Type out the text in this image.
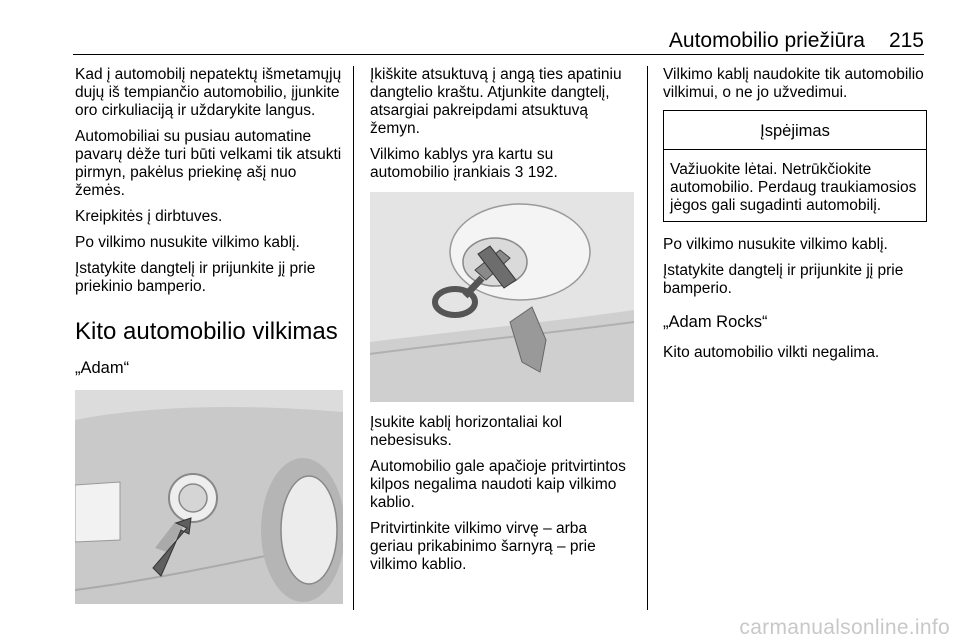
Automobilio priežiūra 215

Kad į automobilį nepatektų išmetamųjų dujų iš tempiančio automobilio, įjunkite oro cirkuliaciją ir uždarykite langus.

Automobiliai su pusiau automatine pavarų dėže turi būti velkami tik atsukti pirmyn, pakėlus priekinę ašį nuo žemės.

Kreipkitės į dirbtuves.

Po vilkimo nusukite vilkimo kablį.

Įstatykite dangtelį ir prijunkite jį prie priekinio bamperio.

Kito automobilio vilkimas
„Adam“

Įkiškite atsuktuvą į angą ties apatiniu dangtelio kraštu. Atjunkite dangtelį, atsargiai pakreipdami atsuktuvą žemyn.

Vilkimo kablys yra kartu su automobilio įrankiais 3 192.

Įsukite kablį horizontaliai kol nebesisuks.

Automobilio gale apačioje pritvirtintos kilpos negalima naudoti kaip vilkimo kablio.

Pritvirtinkite vilkimo virvę – arba geriau prikabinimo šarnyrą – prie vilkimo kablio.

Vilkimo kablį naudokite tik automobilio vilkimui, o ne jo užvedimui.

Įspėjimas
Važiuokite lėtai. Netrūkčiokite automobilio. Perdaug traukiamosios jėgos gali sugadinti automobilį.

Po vilkimo nusukite vilkimo kablį.

Įstatykite dangtelį ir prijunkite jį prie bamperio.

„Adam Rocks“

Kito automobilio vilkti negalima.

carmanualsonline.info
